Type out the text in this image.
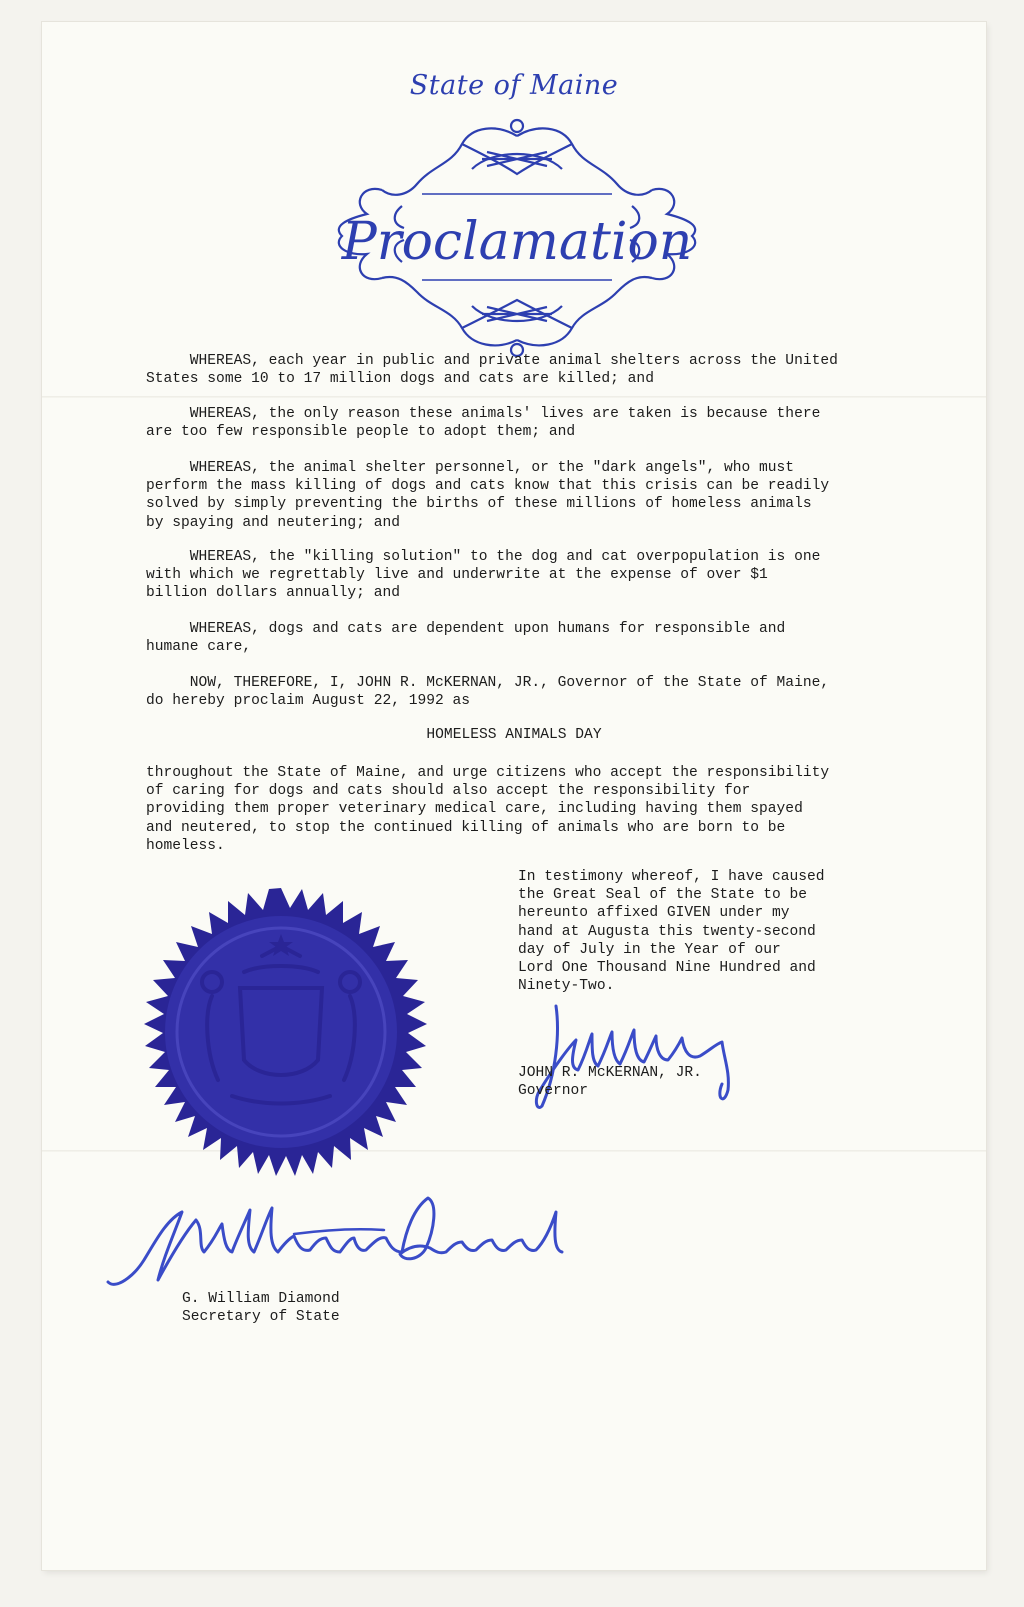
State of Maine
Proclamation
WHEREAS, each year in public and private animal shelters across the United
States some 10 to 17 million dogs and cats are killed; and
WHEREAS, the only reason these animals' lives are taken is because there
are too few responsible people to adopt them; and
WHEREAS, the animal shelter personnel, or the "dark angels", who must
perform the mass killing of dogs and cats know that this crisis can be readily
solved by simply preventing the births of these millions of homeless animals
by spaying and neutering; and
WHEREAS, the "killing solution" to the dog and cat overpopulation is one
with which we regrettably live and underwrite at the expense of over $1
billion dollars annually; and
WHEREAS, dogs and cats are dependent upon humans for responsible and
humane care,
NOW, THEREFORE, I, JOHN R. McKERNAN, JR., Governor of the State of Maine,
do hereby proclaim August 22, 1992 as
HOMELESS ANIMALS DAY
throughout the State of Maine, and urge citizens who accept the responsibility
of caring for dogs and cats should also accept the responsibility for
providing them proper veterinary medical care, including having them spayed
and neutered, to stop the continued killing of animals who are born to be
homeless.
In testimony whereof, I have caused
the Great Seal of the State to be
hereunto affixed GIVEN under my
hand at Augusta this twenty-second
day of July in the Year of our
Lord One Thousand Nine Hundred and
Ninety-Two.
JOHN R. McKERNAN, JR.
Governor
G. William Diamond
Secretary of State
